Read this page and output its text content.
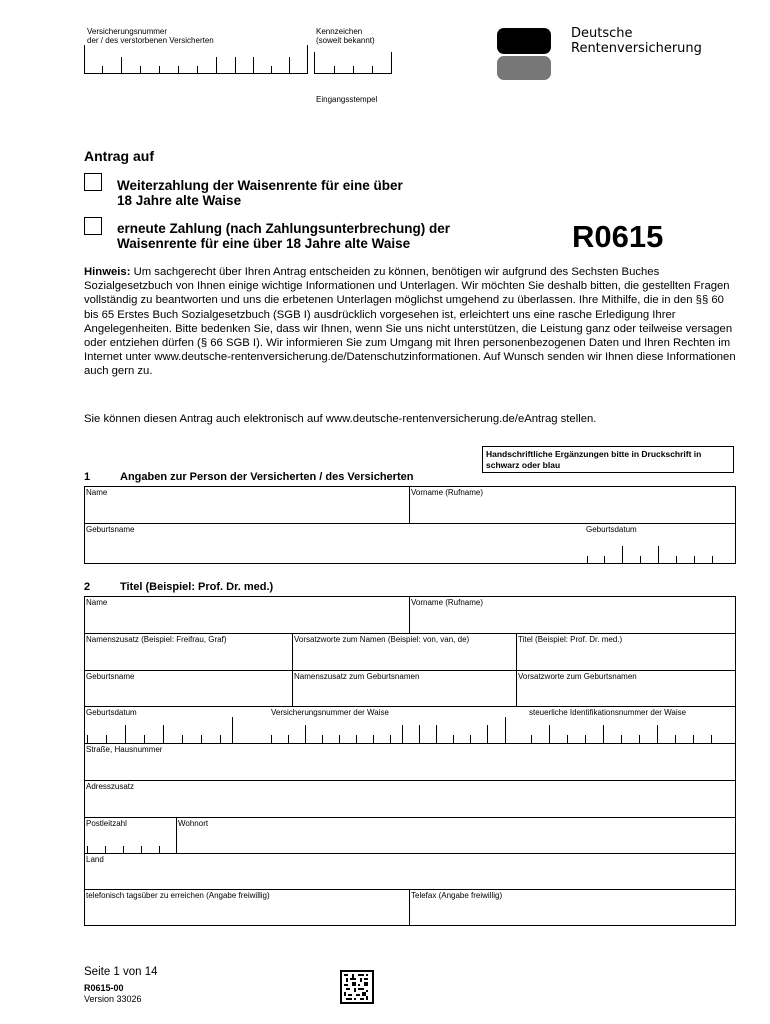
Versicherungsnummer
der / des verstorbenen Versicherten
Kennzeichen
(soweit bekannt)
Eingangsstempel
Deutsche
Rentenversicherung
Antrag auf
Weiterzahlung der Waisenrente für eine über
18 Jahre alte Waise
erneute Zahlung (nach Zahlungsunterbrechung) der
Waisenrente für eine über 18 Jahre alte Waise	R0615

Hinweis: Um sachgerecht über Ihren Antrag entscheiden zu können, benötigen wir aufgrund des Sechsten Buches Sozialgesetzbuch von Ihnen einige wichtige Informationen und Unterlagen. Wir möchten Sie deshalb bitten, die gestellten Fragen vollständig zu beantworten und uns die erbetenen Unterlagen möglichst umgehend zu überlassen. Ihre Mithilfe, die in den §§ 60 bis 65 Erstes Buch Sozialgesetzbuch (SGB I) ausdrücklich vorgesehen ist, erleichtert uns eine rasche Erledigung Ihrer Angelegenheiten. Bitte bedenken Sie, dass wir Ihnen, wenn Sie uns nicht unterstützen, die Leistung ganz oder teilweise versagen oder entziehen dürfen (§ 66 SGB I). Wir informieren Sie zum Umgang mit Ihren personenbezogenen Daten und Ihren Rechten im Internet unter www.deutsche-rentenversicherung.de/Datenschutzinformationen. Auf Wunsch senden wir Ihnen diese Informationen auch gern zu.

Sie können diesen Antrag auch elektronisch auf www.deutsche-rentenversicherung.de/eAntrag stellen.

Handschriftliche Ergänzungen bitte in Druckschrift in schwarz oder blau
1	Angaben zur Person der Versicherten / des Versicherten
Name	Vorname (Rufname)
Geburtsname	Geburtsdatum
2	Titel (Beispiel: Prof. Dr. med.)
Name	Vorname (Rufname)
Namenszusatz (Beispiel: Freifrau, Graf)	Vorsatzworte zum Namen (Beispiel: von, van, de)	Titel (Beispiel: Prof. Dr. med.)
Geburtsname	Namenszusatz zum Geburtsnamen	Vorsatzworte zum Geburtsnamen
Geburtsdatum	Versicherungsnummer der Waise	steuerliche Identifikationsnummer der Waise
Straße, Hausnummer
Adresszusatz
Postleitzahl	Wohnort
Land
telefonisch tagsüber zu erreichen (Angabe freiwillig)	Telefax (Angabe freiwillig)
Seite 1 von 14
R0615-00
Version 33026
